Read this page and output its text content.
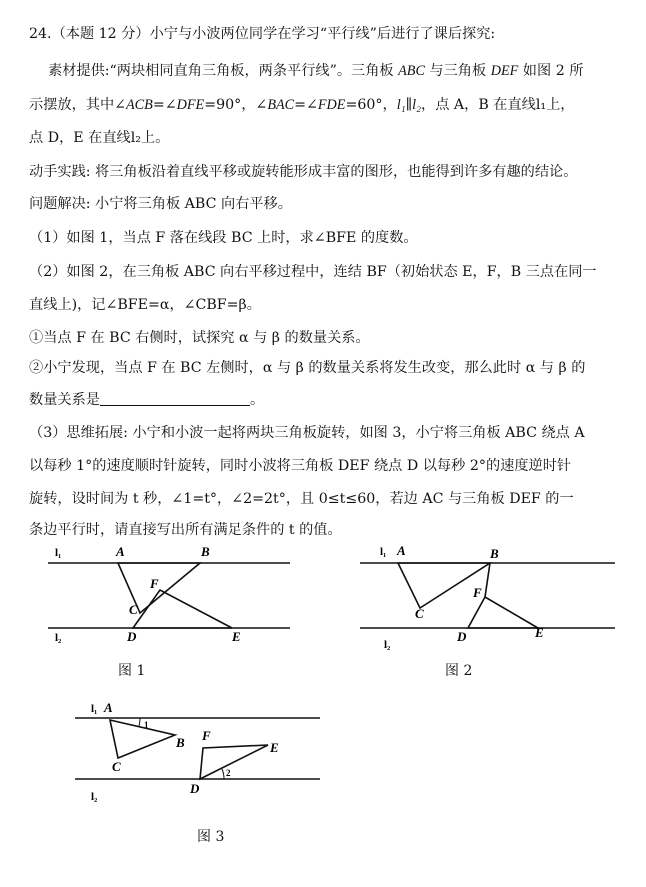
24.（本题 12 分）小宁与小波两位同学在学习“平行线”后进行了课后探究:
素材提供:“两块相同直角三角板，两条平行线”。三角板 ABC 与三角板 DEF 如图 2 所
示摆放，其中∠ACB=∠DFE=90°，∠BAC=∠FDE=60°，l₁∥l₂，点 A，B 在直线l₁上，
点 D，E 在直线l₂上。
动手实践: 将三角板沿着直线平移或旋转能形成丰富的图形，也能得到许多有趣的结论。
问题解决: 小宁将三角板 ABC 向右平移。
（1）如图 1，当点 F 落在线段 BC 上时，求∠BFE 的度数。
（2）如图 2，在三角板 ABC 向右平移过程中，连结 BF（初始状态 E，F，B 三点在同一
直线上)，记∠BFE=α，∠CBF=β。
①当点 F 在 BC 右侧时，试探究 α 与 β 的数量关系。
②小宁发现，当点 F 在 BC 左侧时，α 与 β 的数量关系将发生改变，那么此时 α 与 β 的
数量关系是	。
（3）思维拓展: 小宁和小波一起将两块三角板旋转，如图 3，小宁将三角板 ABC 绕点 A
以每秒 1°的速度顺时针旋转，同时小波将三角板 DEF 绕点 D 以每秒 2°的速度逆时针
旋转，设时间为 t 秒，∠1=t°，∠2=2t°，且 0≤t≤60，若边 AC 与三角板 DEF 的一
条边平行时，请直接写出所有满足条件的 t 的值。
l₁
l₂
A	B
C
F
D	E
图 1
l₁
l₂
A	B
C
F
D	E
图 2
l₁
l₂
A
B
C
F
E
D
1
2
图 3
